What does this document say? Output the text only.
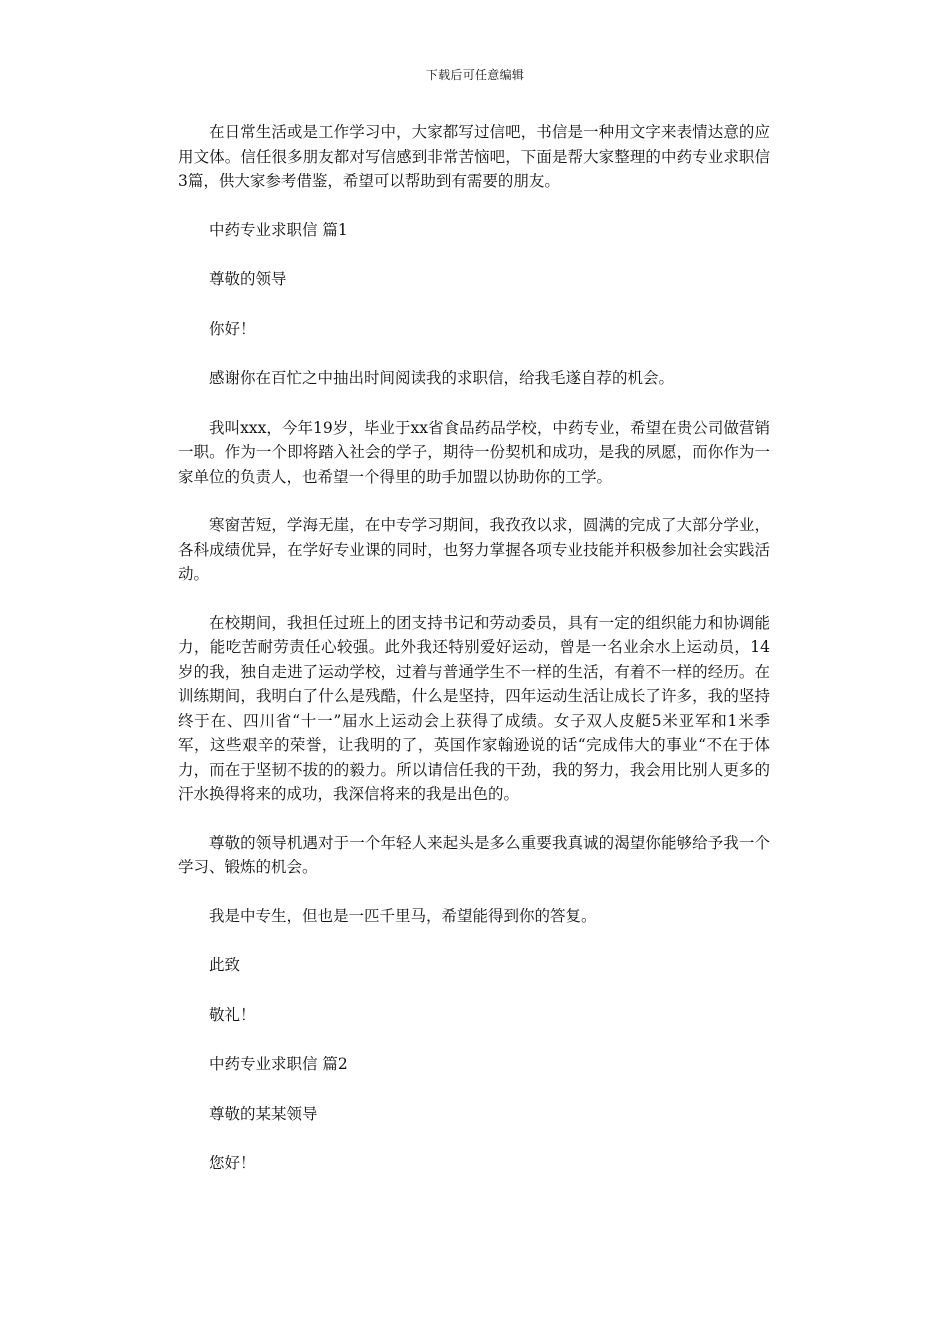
下载后可任意编辑

在日常生活或是工作学习中，大家都写过信吧，书信是一种用文字来表情达意的应用文体。信任很多朋友都对写信感到非常苦恼吧，下面是帮大家整理的中药专业求职信3篇，供大家参考借鉴，希望可以帮助到有需要的朋友。

中药专业求职信 篇1

尊敬的领导

你好！

感谢你在百忙之中抽出时间阅读我的求职信，给我毛遂自荐的机会。

我叫xxx，今年19岁，毕业于xx省食品药品学校，中药专业，希望在贵公司做营销一职。作为一个即将踏入社会的学子，期待一份契机和成功，是我的夙愿，而你作为一家单位的负责人，也希望一个得里的助手加盟以协助你的工学。

寒窗苦短，学海无崖，在中专学习期间，我孜孜以求，圆满的完成了大部分学业，各科成绩优异，在学好专业课的同时，也努力掌握各项专业技能并积极参加社会实践活动。

在校期间，我担任过班上的团支持书记和劳动委员，具有一定的组织能力和协调能力，能吃苦耐劳责任心较强。此外我还特别爱好运动，曾是一名业余水上运动员，14岁的我，独自走进了运动学校，过着与普通学生不一样的生活，有着不一样的经历。在训练期间，我明白了什么是残酷，什么是坚持，四年运动生活让成长了许多，我的坚持终于在、四川省“十一”届水上运动会上获得了成绩。女子双人皮艇5米亚军和1米季军，这些艰辛的荣誉，让我明的了，英国作家翰逊说的话“完成伟大的事业“不在于体力，而在于坚韧不拔的的毅力。所以请信任我的干劲，我的努力，我会用比别人更多的汗水换得将来的成功，我深信将来的我是出色的。

尊敬的领导机遇对于一个年轻人来起头是多么重要我真诚的渴望你能够给予我一个学习、锻炼的机会。

我是中专生，但也是一匹千里马，希望能得到你的答复。

此致

敬礼！

中药专业求职信 篇2

尊敬的某某领导

您好！
